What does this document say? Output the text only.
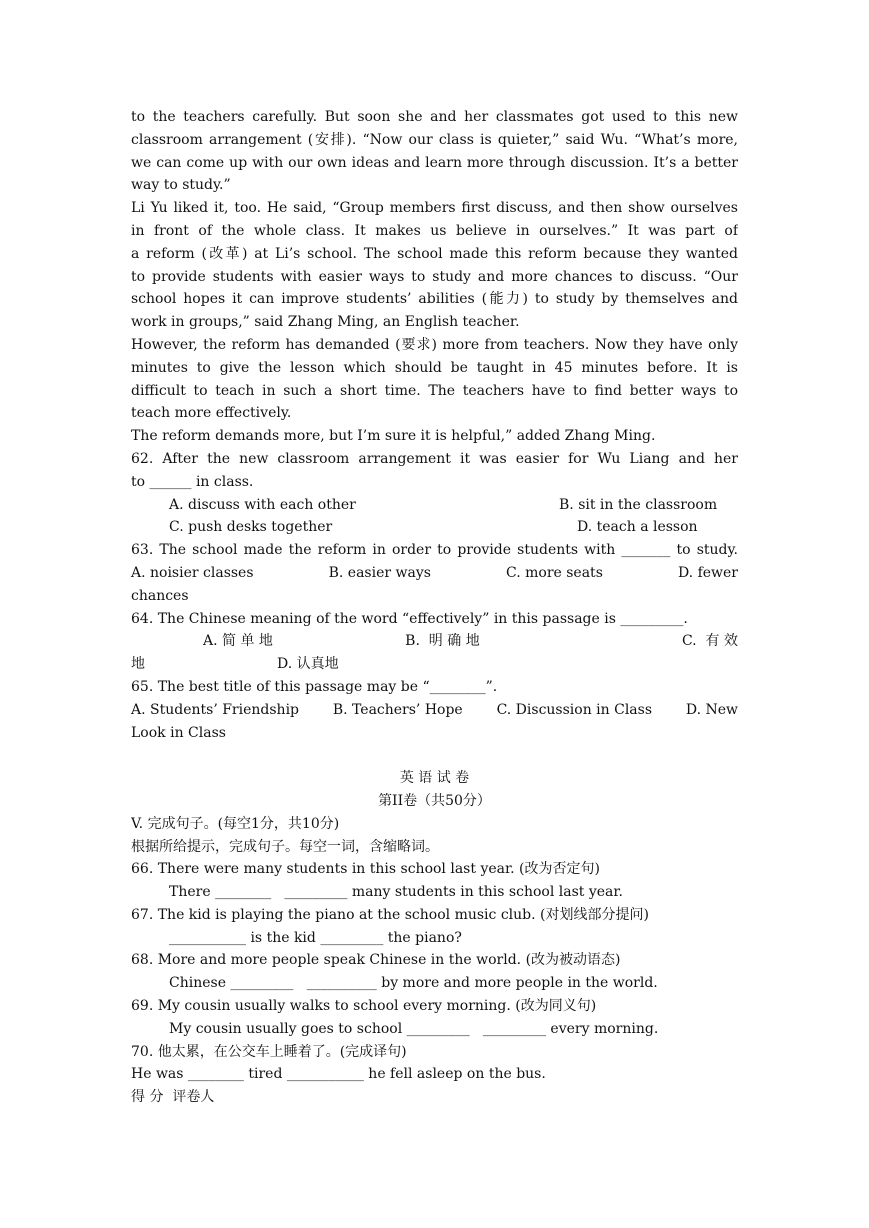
to the teachers carefully. But soon she and her classmates got used to this new
classroom arrangement (安排). “Now our class is quieter,” said Wu. “What’s more,
we can come up with our own ideas and learn more through discussion. It’s a better
way to study.”
Li Yu liked it, too. He said, “Group members first discuss, and then show ourselves
in front of the whole class. It makes us believe in ourselves.” It was part of
a reform (改革) at Li’s school. The school made this reform because they wanted
to provide students with easier ways to study and more chances to discuss. “Our
school hopes it can improve students’ abilities (能力) to study by themselves and
work in groups,” said Zhang Ming, an English teacher.
However, the reform has demanded (要求) more from teachers. Now they have only
minutes to give the lesson which should be taught in 45 minutes before. It is
difficult to teach in such a short time. The teachers have to find better ways to
teach more effectively.
The reform demands more, but I’m sure it is helpful,” added Zhang Ming.
62. After the new classroom arrangement it was easier for Wu Liang and her
to ______ in class.
A. discuss with each other	B. sit in the classroom
C. push desks together	D. teach a lesson
63. The school made the reform in order to provide students with _______ to study.
A. noisier classes	B. easier ways	C. more seats	D. fewer
chances
64. The Chinese meaning of the word “effectively” in this passage is _________.
A. 简 单 地	B.  明 确 地	C.  有 效
地	D. 认真地
65. The best title of this passage may be “________”.
A. Students’ Friendship B. Teachers’ Hope C. Discussion in Class D. New
Look in Class
英 语 试 卷
第II卷（共50分）
V. 完成句子。(每空1分，共10分)
根据所给提示，完成句子。每空一词，含缩略词。
66. There were many students in this school last year. (改为否定句)
There ________   _________ many students in this school last year.
67. The kid is playing the piano at the school music club. (对划线部分提问)
___________ is the kid _________ the piano?
68. More and more people speak Chinese in the world. (改为被动语态)
Chinese _________   __________ by more and more people in the world.
69. My cousin usually walks to school every morning. (改为同义句)
My cousin usually goes to school _________   _________ every morning.
70. 他太累，在公交车上睡着了。(完成译句)
He was ________ tired ___________ he fell asleep on the bus.
得 分  评卷人
